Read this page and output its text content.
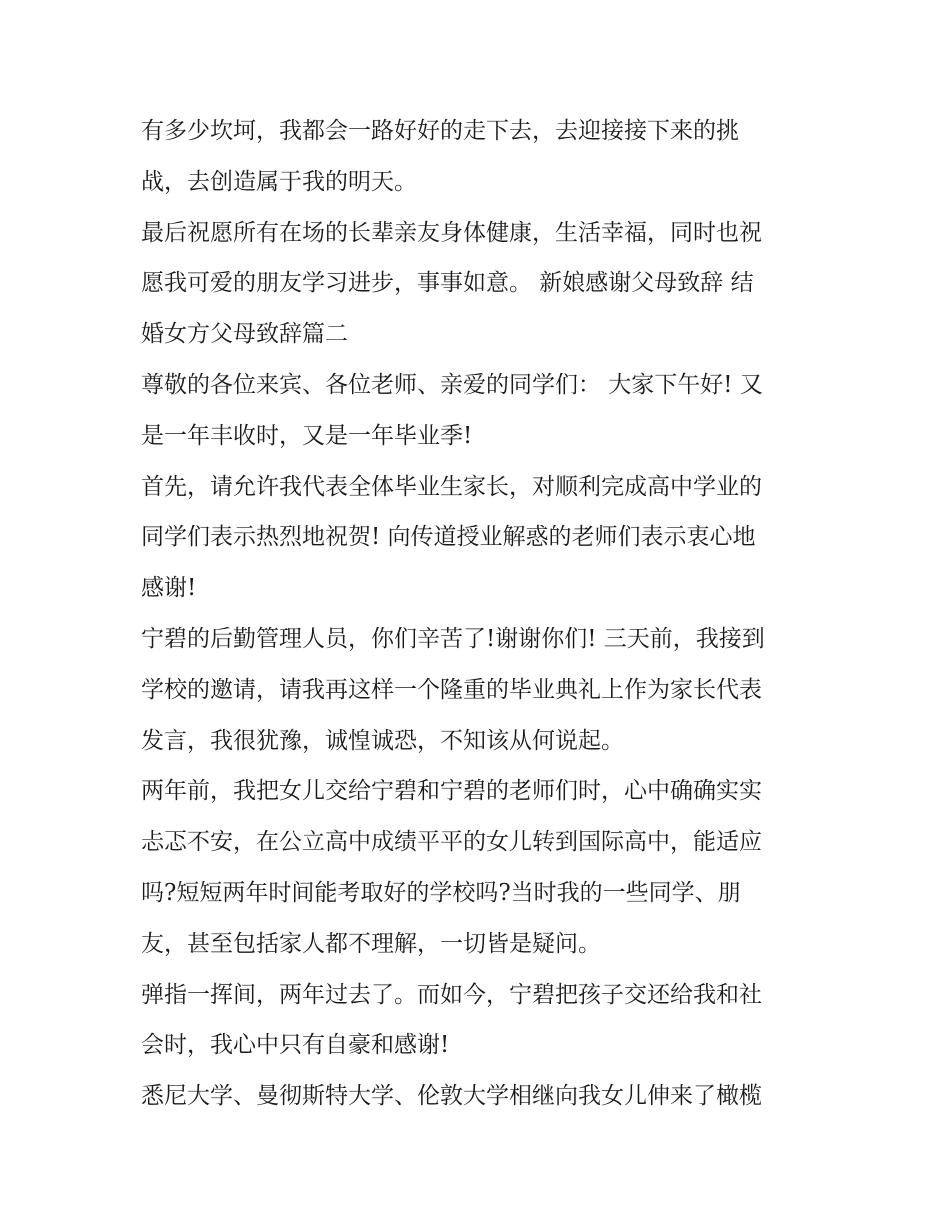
有多少坎坷，我都会一路好好的走下去，去迎接接下来的挑
战，去创造属于我的明天。
最后祝愿所有在场的长辈亲友身体健康，生活幸福，同时也祝
愿我可爱的朋友学习进步，事事如意。 新娘感谢父母致辞 结
婚女方父母致辞篇二
尊敬的各位来宾、各位老师、亲爱的同学们： 大家下午好! 又
是一年丰收时，又是一年毕业季!
首先，请允许我代表全体毕业生家长，对顺利完成高中学业的
同学们表示热烈地祝贺! 向传道授业解惑的老师们表示衷心地
感谢!
宁碧的后勤管理人员，你们辛苦了!谢谢你们! 三天前，我接到
学校的邀请，请我再这样一个隆重的毕业典礼上作为家长代表
发言，我很犹豫，诚惶诚恐，不知该从何说起。
两年前，我把女儿交给宁碧和宁碧的老师们时，心中确确实实
忐忑不安，在公立高中成绩平平的女儿转到国际高中，能适应
吗?短短两年时间能考取好的学校吗?当时我的一些同学、朋
友，甚至包括家人都不理解，一切皆是疑问。
弹指一挥间，两年过去了。而如今，宁碧把孩子交还给我和社
会时，我心中只有自豪和感谢!
悉尼大学、曼彻斯特大学、伦敦大学相继向我女儿伸来了橄榄
